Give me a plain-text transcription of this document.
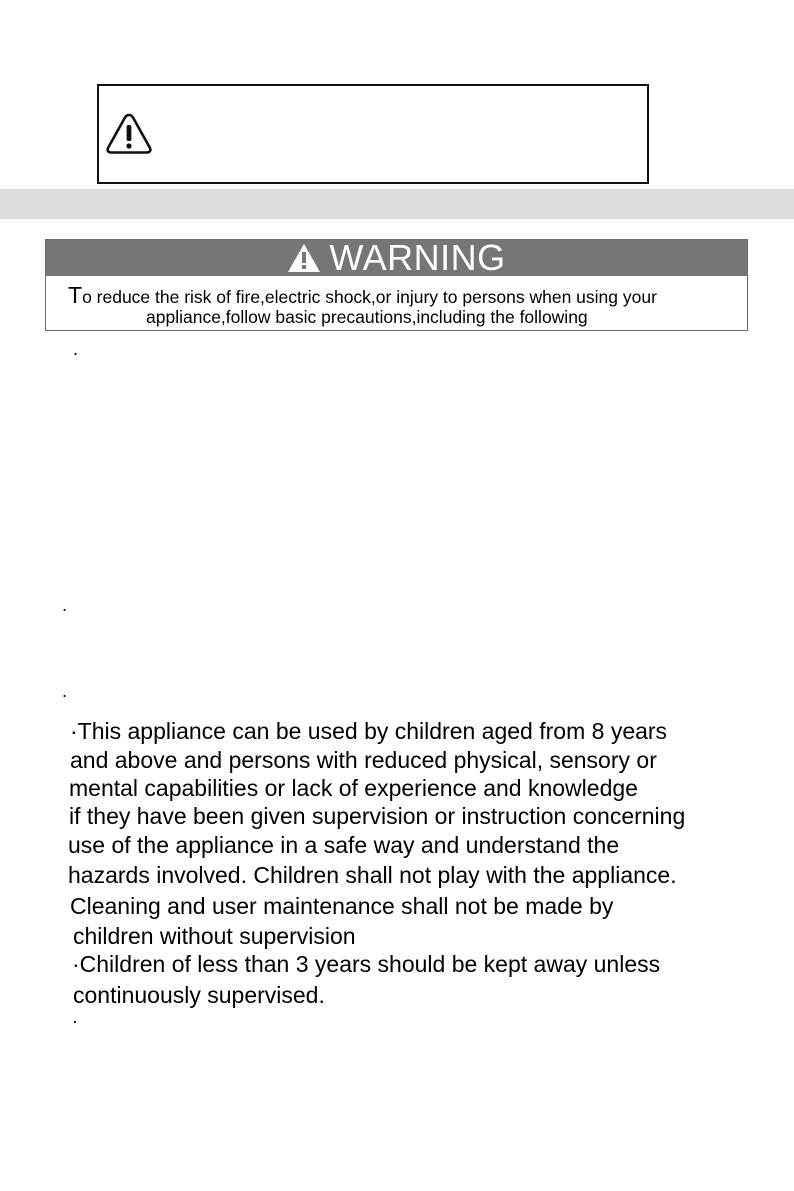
WARNING
To reduce the risk of fire,electric shock,or injury to persons when using your
appliance,follow basic precautions,including the following
.
.
.
·This appliance can be used by children aged from 8 years
and above and persons with reduced physical, sensory or
mental capabilities or lack of experience and knowledge
if they have been given supervision or instruction concerning
use of the appliance in a safe way and understand the
hazards involved. Children shall not play with the appliance.
Cleaning and user maintenance shall not be made by
children without supervision
·Children of less than 3 years should be kept away unless
continuously supervised.
·
